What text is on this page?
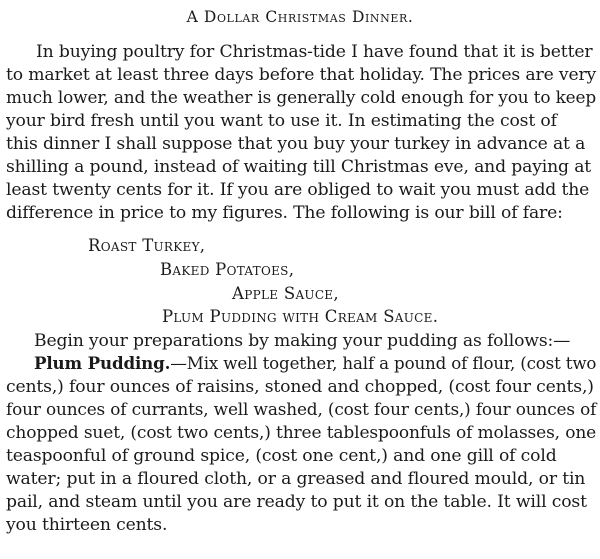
A Dollar Christmas Dinner.
In buying poultry for Christmas-tide I have found that it is better
to market at least three days before that holiday. The prices are very
much lower, and the weather is generally cold enough for you to keep
your bird fresh until you want to use it. In estimating the cost of
this dinner I shall suppose that you buy your turkey in advance at a
shilling a pound, instead of waiting till Christmas eve, and paying at
least twenty cents for it. If you are obliged to wait you must add the
difference in price to my figures. The following is our bill of fare:
Roast Turkey,
Baked Potatoes,
Apple Sauce,
Plum Pudding with Cream Sauce.
Begin your preparations by making your pudding as follows:—
Plum Pudding.—Mix well together, half a pound of flour, (cost two
cents,) four ounces of raisins, stoned and chopped, (cost four cents,)
four ounces of currants, well washed, (cost four cents,) four ounces of
chopped suet, (cost two cents,) three tablespoonfuls of molasses, one
teaspoonful of ground spice, (cost one cent,) and one gill of cold
water; put in a floured cloth, or a greased and floured mould, or tin
pail, and steam until you are ready to put it on the table. It will cost
you thirteen cents.
